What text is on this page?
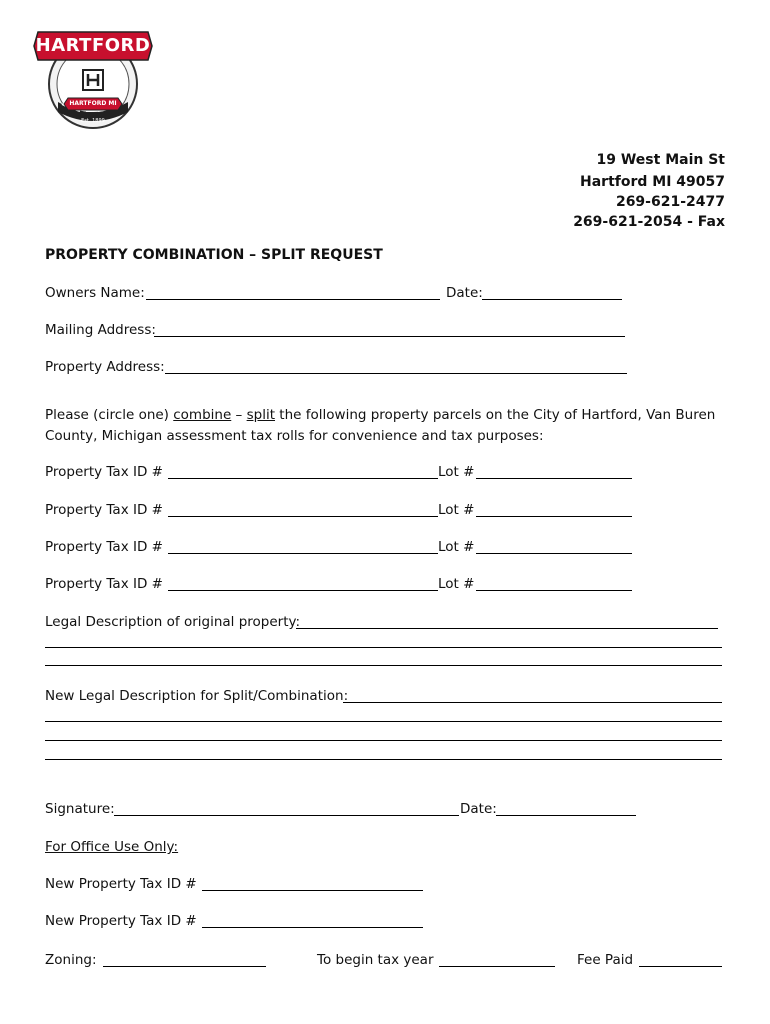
HARTFORD
HARTFORD MI
Est. 1899
19 West Main St
Hartford MI 49057
269-621-2477
269-621-2054 - Fax
PROPERTY COMBINATION – SPLIT REQUEST
Owners Name:	Date:
Mailing Address:
Property Address:
Please (circle one) combine – split the following property parcels on the City of Hartford, Van Buren County, Michigan assessment tax rolls for convenience and tax purposes:
Property Tax ID #	Lot #
Property Tax ID #	Lot #
Property Tax ID #	Lot #
Property Tax ID #	Lot #
Legal Description of original property:
New Legal Description for Split/Combination:
Signature:	Date:
For Office Use Only:
New Property Tax ID #
New Property Tax ID #
Zoning:	To begin tax year	Fee Paid
